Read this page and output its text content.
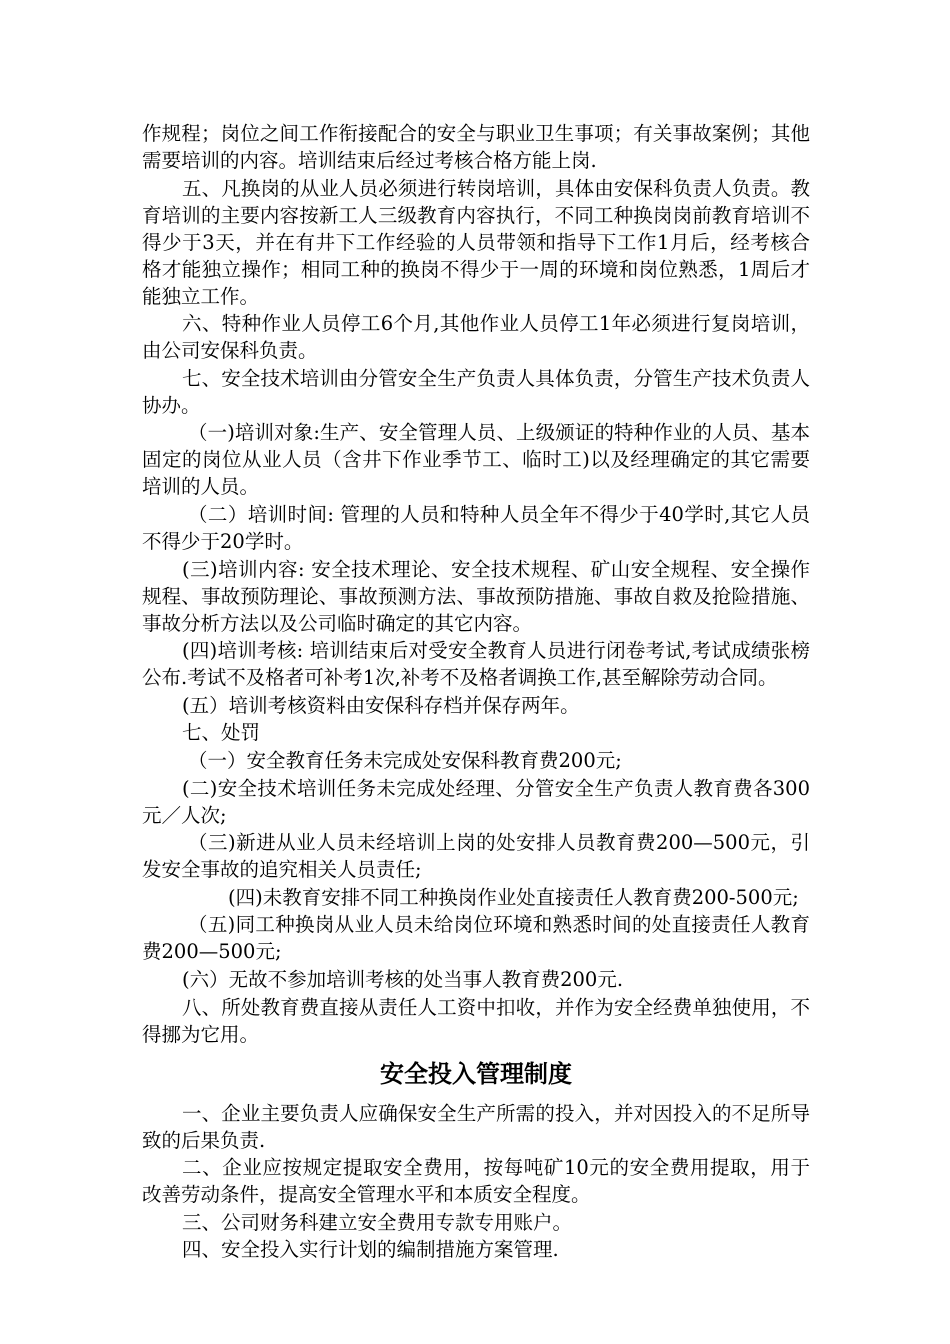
作规程；岗位之间工作衔接配合的安全与职业卫生事项；有关事故案例；其他需要培训的内容。培训结束后经过考核合格方能上岗.

五、凡换岗的从业人员必须进行转岗培训，具体由安保科负责人负责。教育培训的主要内容按新工人三级教育内容执行，不同工种换岗岗前教育培训不得少于3天，并在有井下工作经验的人员带领和指导下工作1月后，经考核合格才能独立操作；相同工种的换岗不得少于一周的环境和岗位熟悉，1周后才能独立工作。

六、特种作业人员停工6个月,其他作业人员停工1年必须进行复岗培训，由公司安保科负责。

七、安全技术培训由分管安全生产负责人具体负责，分管生产技术负责人协办。

（一)培训对象:生产、安全管理人员、上级颁证的特种作业的人员、基本固定的岗位从业人员（含井下作业季节工、临时工)以及经理确定的其它需要培训的人员。

（二）培训时间: 管理的人员和特种人员全年不得少于40学时,其它人员不得少于20学时。

(三)培训内容: 安全技术理论、安全技术规程、矿山安全规程、安全操作规程、事故预防理论、事故预测方法、事故预防措施、事故自救及抢险措施、事故分析方法以及公司临时确定的其它内容。

(四)培训考核: 培训结束后对受安全教育人员进行闭卷考试,考试成绩张榜公布.考试不及格者可补考1次,补考不及格者调换工作,甚至解除劳动合同。

(五）培训考核资料由安保科存档并保存两年。

七、处罚

（一）安全教育任务未完成处安保科教育费200元;

(二)安全技术培训任务未完成处经理、分管安全生产负责人教育费各300元／人次;

（三)新进从业人员未经培训上岗的处安排人员教育费200—500元，引发安全事故的追究相关人员责任;

(四)未教育安排不同工种换岗作业处直接责任人教育费200-500元;

（五)同工种换岗从业人员未给岗位环境和熟悉时间的处直接责任人教育费200—500元;

(六）无故不参加培训考核的处当事人教育费200元.

八、所处教育费直接从责任人工资中扣收，并作为安全经费单独使用，不得挪为它用。

安全投入管理制度

一、企业主要负责人应确保安全生产所需的投入，并对因投入的不足所导致的后果负责.

二、企业应按规定提取安全费用，按每吨矿10元的安全费用提取，用于改善劳动条件，提高安全管理水平和本质安全程度。

三、公司财务科建立安全费用专款专用账户。

四、安全投入实行计划的编制措施方案管理.
